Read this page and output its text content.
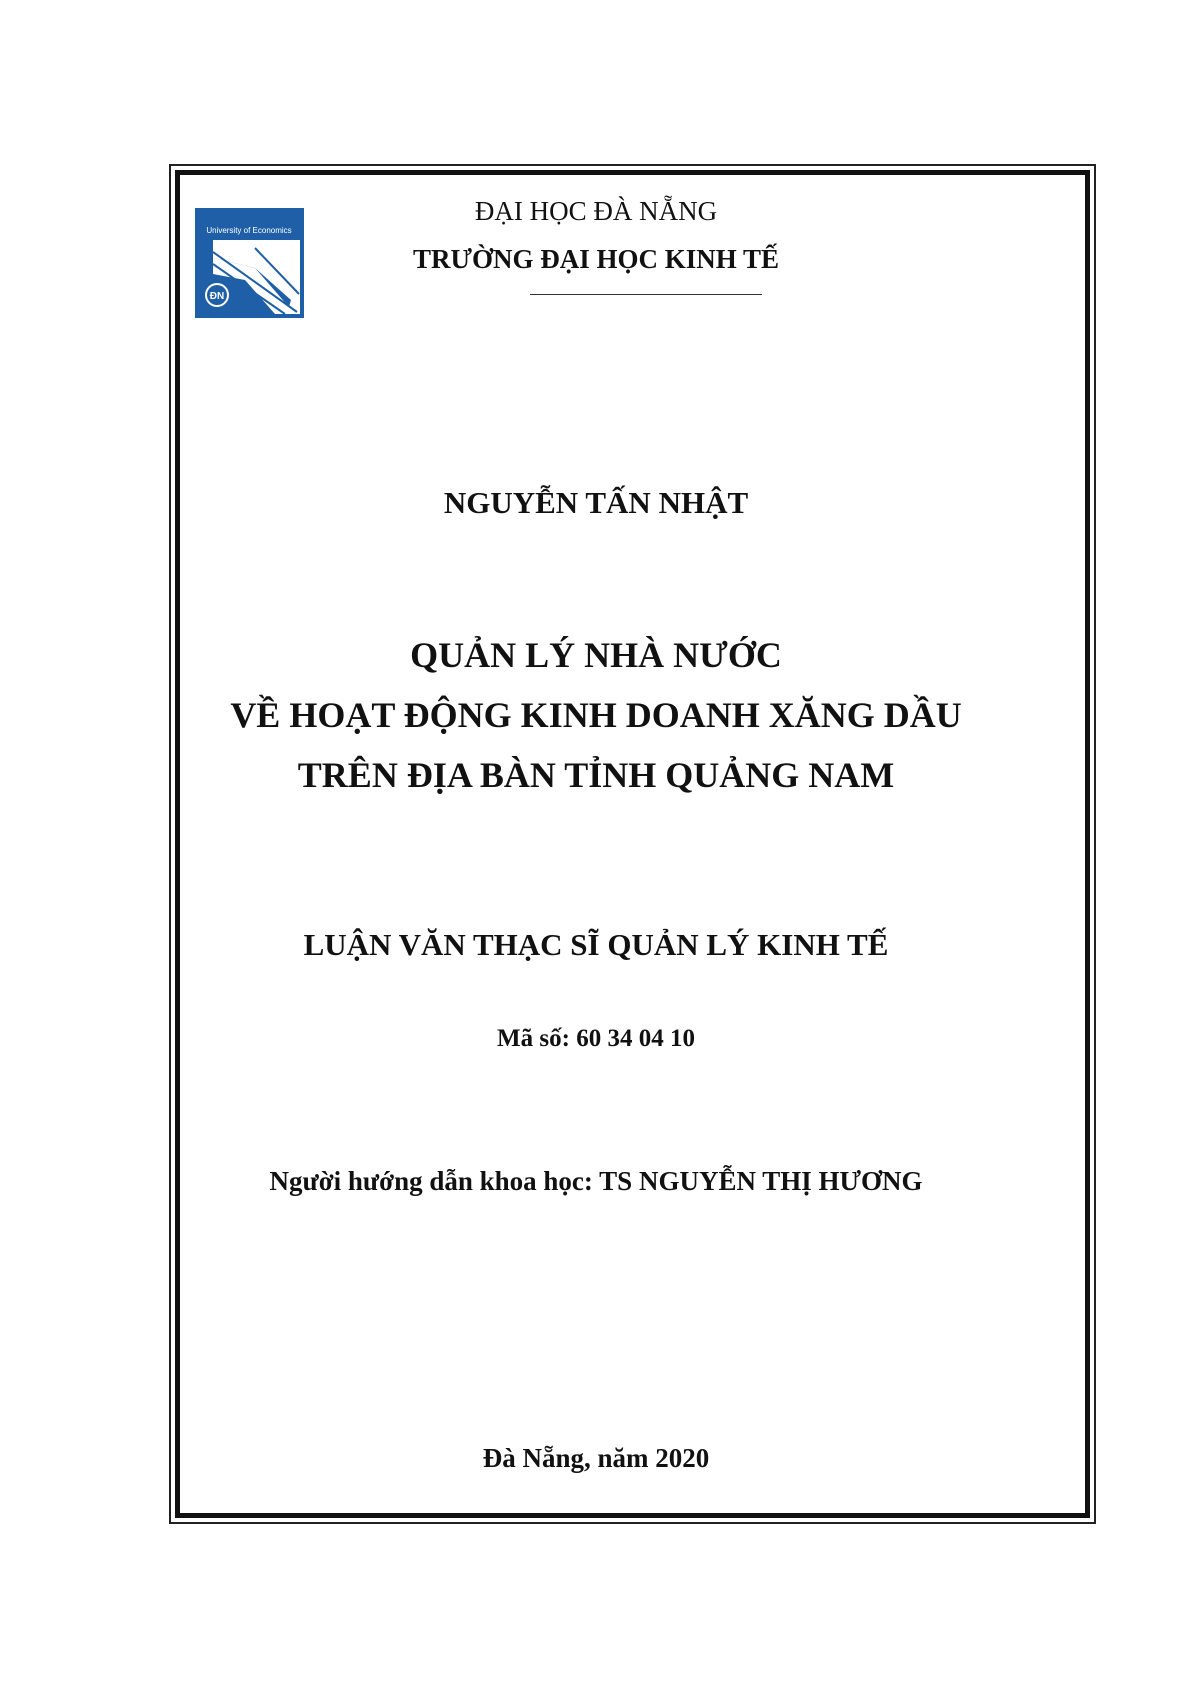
University of Economics
ĐN
ĐẠI HỌC ĐÀ NẴNG
TRƯỜNG ĐẠI HỌC KINH TẾ
NGUYỄN TẤN NHẬT
QUẢN LÝ NHÀ NƯỚC
VỀ HOẠT ĐỘNG KINH DOANH XĂNG DẦU
TRÊN ĐỊA BÀN TỈNH QUẢNG NAM
LUẬN VĂN THẠC SĨ QUẢN LÝ KINH TẾ
Mã số: 60 34 04 10
Người hướng dẫn khoa học: TS NGUYỄN THỊ HƯƠNG
Đà Nẵng, năm 2020
